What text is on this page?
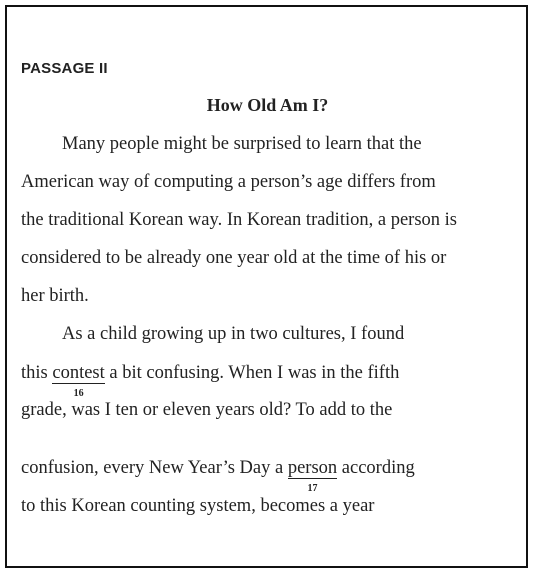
PASSAGE II
How Old Am I?
Many people might be surprised to learn that the
American way of computing a person’s age differs from
the traditional Korean way. In Korean tradition, a person is
considered to be already one year old at the time of his or
her birth.
As a child growing up in two cultures, I found
this contest
16
a bit confusing. When I was in the fifth
grade, was I ten or eleven years old? To add to the
confusion, every New Year’s Day a person
17
according
to this Korean counting system, becomes a year
